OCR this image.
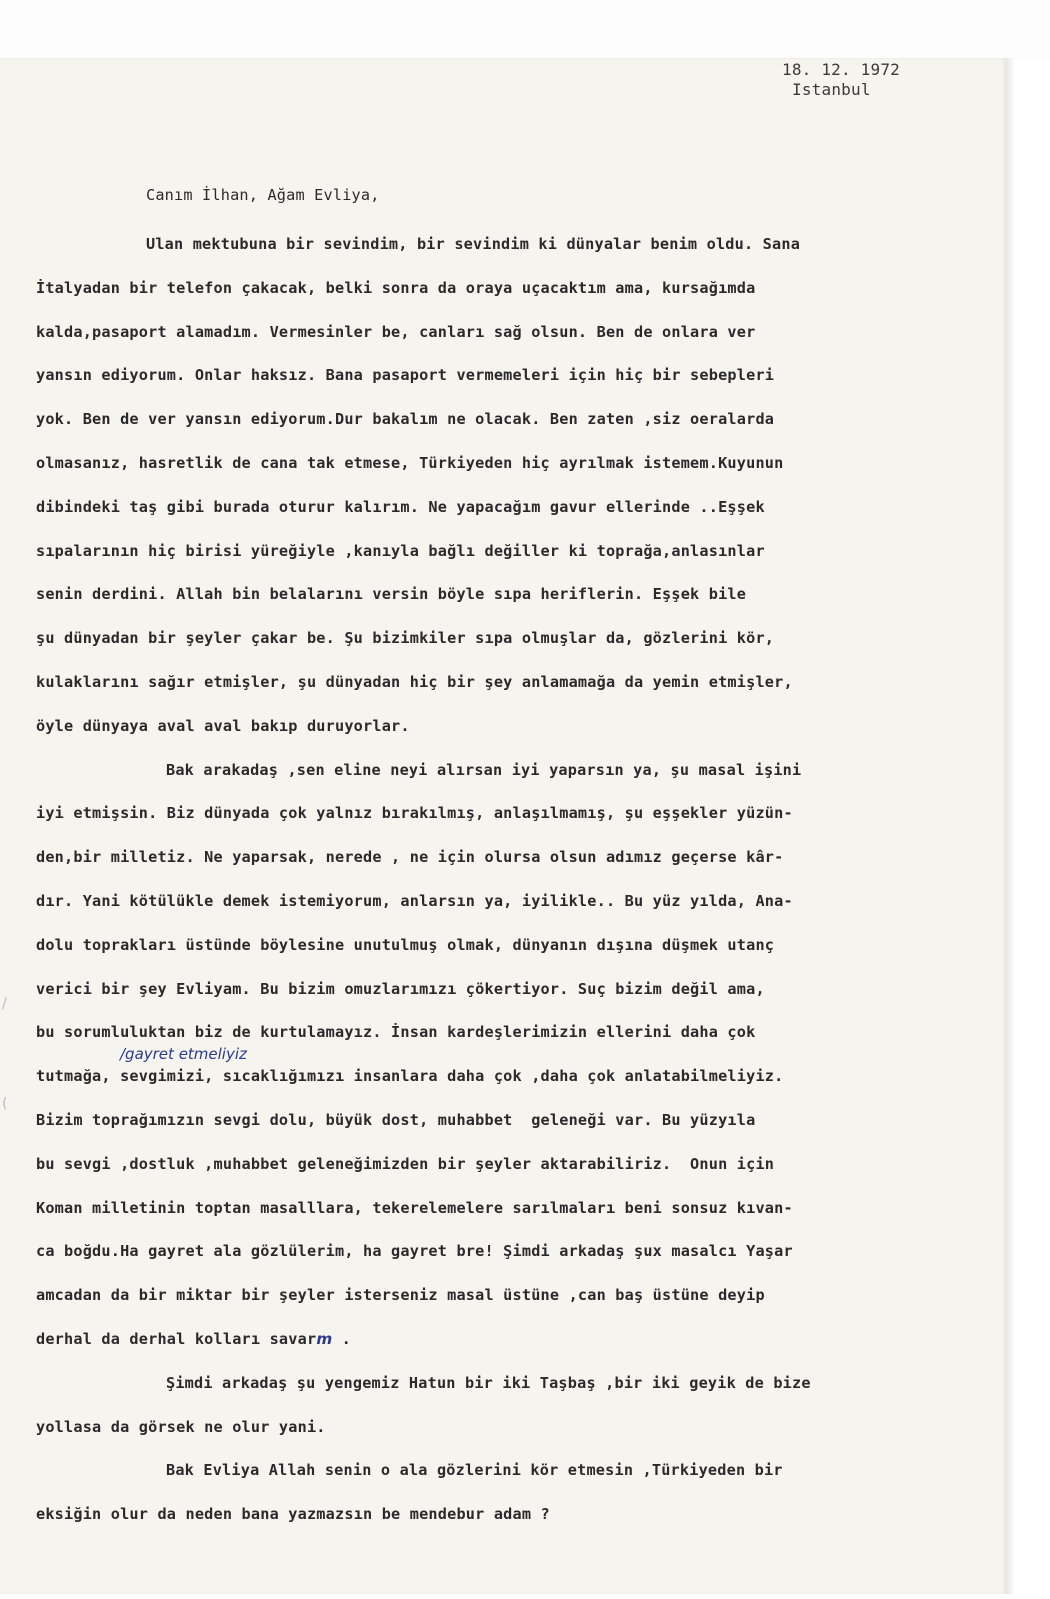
18. 12. 1972
Istanbul
Canım İlhan, Ağam Evliya,
Ulan mektubuna bir sevindim, bir sevindim ki dünyalar benim oldu. Sana
İtalyadan bir telefon çakacak, belki sonra da oraya uçacaktım ama, kursağımda
kalda,pasaport alamadım. Vermesinler be, canları sağ olsun. Ben de onlara ver
yansın ediyorum. Onlar haksız. Bana pasaport vermemeleri için hiç bir sebepleri
yok. Ben de ver yansın ediyorum.Dur bakalım ne olacak. Ben zaten ,siz oeralarda
olmasanız, hasretlik de cana tak etmese, Türkiyeden hiç ayrılmak istemem.Kuyunun
dibindeki taş gibi burada oturur kalırım. Ne yapacağım gavur ellerinde ..Eşşek
sıpalarının hiç birisi yüreğiyle ,kanıyla bağlı değiller ki toprağa,anlasınlar
senin derdini. Allah bin belalarını versin böyle sıpa heriflerin. Eşşek bile
şu dünyadan bir şeyler çakar be. Şu bizimkiler sıpa olmuşlar da, gözlerini kör,
kulaklarını sağır etmişler, şu dünyadan hiç bir şey anlamamağa da yemin etmişler,
öyle dünyaya aval aval bakıp duruyorlar.
Bak arakadaş ,sen eline neyi alırsan iyi yaparsın ya, şu masal işini
iyi etmişsin. Biz dünyada çok yalnız bırakılmış, anlaşılmamış, şu eşşekler yüzün-
den,bir milletiz. Ne yaparsak, nerede , ne için olursa olsun adımız geçerse kâr-
dır. Yani kötülükle demek istemiyorum, anlarsın ya, iyilikle.. Bu yüz yılda, Ana-
dolu toprakları üstünde böylesine unutulmuş olmak, dünyanın dışına düşmek utanç
verici bir şey Evliyam. Bu bizim omuzlarımızı çökertiyor. Suç bizim değil ama,
bu sorumluluktan biz de kurtulamayız. İnsan kardeşlerimizin ellerini daha çok
tutmağa, sevgimizi, sıcaklığımızı insanlara daha çok ,daha çok anlatabilmeliyiz.
Bizim toprağımızın sevgi dolu, büyük dost, muhabbet  geleneği var. Bu yüzyıla
bu sevgi ,dostluk ,muhabbet geleneğimizden bir şeyler aktarabiliriz.  Onun için
Koman milletinin toptan masalllara, tekerelemelere sarılmaları beni sonsuz kıvan-
ca boğdu.Ha gayret ala gözlülerim, ha gayret bre! Şimdi arkadaş şux masalcı Yaşar
amcadan da bir miktar bir şeyler isterseniz masal üstüne ,can baş üstüne deyip
derhal da derhal kolları savarm .
Şimdi arkadaş şu yengemiz Hatun bir iki Taşbaş ,bir iki geyik de bize
yollasa da görsek ne olur yani.
Bak Evliya Allah senin o ala gözlerini kör etmesin ,Türkiyeden bir
eksiğin olur da neden bana yazmazsın be mendebur adam ?
/gayret etmeliyiz
/
(
